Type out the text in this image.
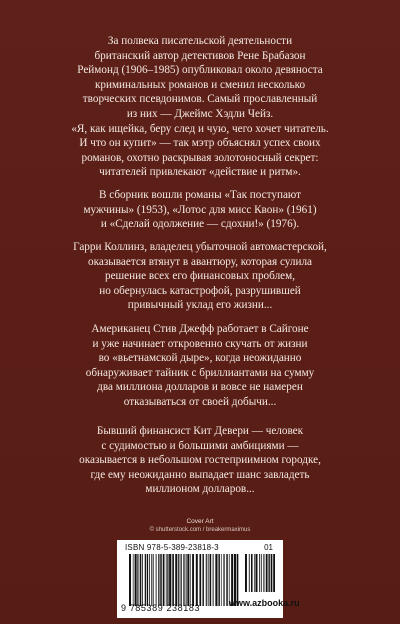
За полвека писательской деятельности
британский автор детективов Рене Брабазон
Реймонд (1906–1985) опубликовал около девяноста
криминальных романов и сменил несколько
творческих псевдонимов. Самый прославленный
из них — Джеймс Хэдли Чейз.
«Я, как ищейка, беру след и чую, чего хочет читатель.
И что он купит» — так мэтр объяснял успех своих
романов, охотно раскрывая золотоносный секрет:
читателей привлекают «действие и ритм».
В сборник вошли романы «Так поступают
мужчины» (1953), «Лотос для мисс Квон» (1961)
и «Сделай одолжение — сдохни!» (1976).
Гарри Коллинз, владелец убыточной автомастерской,
оказывается втянут в авантюру, которая сулила
решение всех его финансовых проблем,
но обернулась катастрофой, разрушившей
привычный уклад его жизни...
Американец Стив Джефф работает в Сайгоне
и уже начинает откровенно скучать от жизни
во «вьетнамской дыре», когда неожиданно
обнаруживает тайник с бриллиантами на сумму
два миллиона долларов и вовсе не намерен
отказываться от своей добычи...
Бывший финансист Кит Девери — человек
с судимостью и большими амбициями —
оказывается в небольшом гостеприимном городке,
где ему неожиданно выпадает шанс завладеть
миллионом долларов...
Cover Art
© shutterstock.com / breakermaximus
ISBN 978-5-389-23818-3	01
9 785389 238183	www.azbooka.ru
